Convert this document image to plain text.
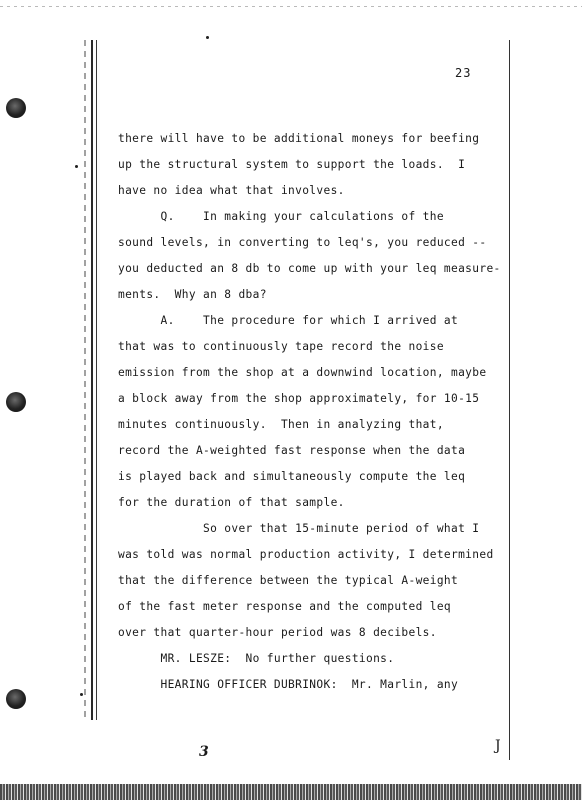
23
there will have to be additional moneys for beefing
up the structural system to support the loads.  I
have no idea what that involves.
Q.    In making your calculations of the
sound levels, in converting to leq's, you reduced --
you deducted an 8 db to come up with your leq measure-
ments.  Why an 8 dba?
A.    The procedure for which I arrived at
that was to continuously tape record the noise
emission from the shop at a downwind location, maybe
a block away from the shop approximately, for 10-15
minutes continuously.  Then in analyzing that,
record the A-weighted fast response when the data
is played back and simultaneously compute the leq
for the duration of that sample.
So over that 15-minute period of what I
was told was normal production activity, I determined
that the difference between the typical A-weight
of the fast meter response and the computed leq
over that quarter-hour period was 8 decibels.
MR. LESZE:  No further questions.
HEARING OFFICER DUBRINOK:  Mr. Marlin, any
3	J
